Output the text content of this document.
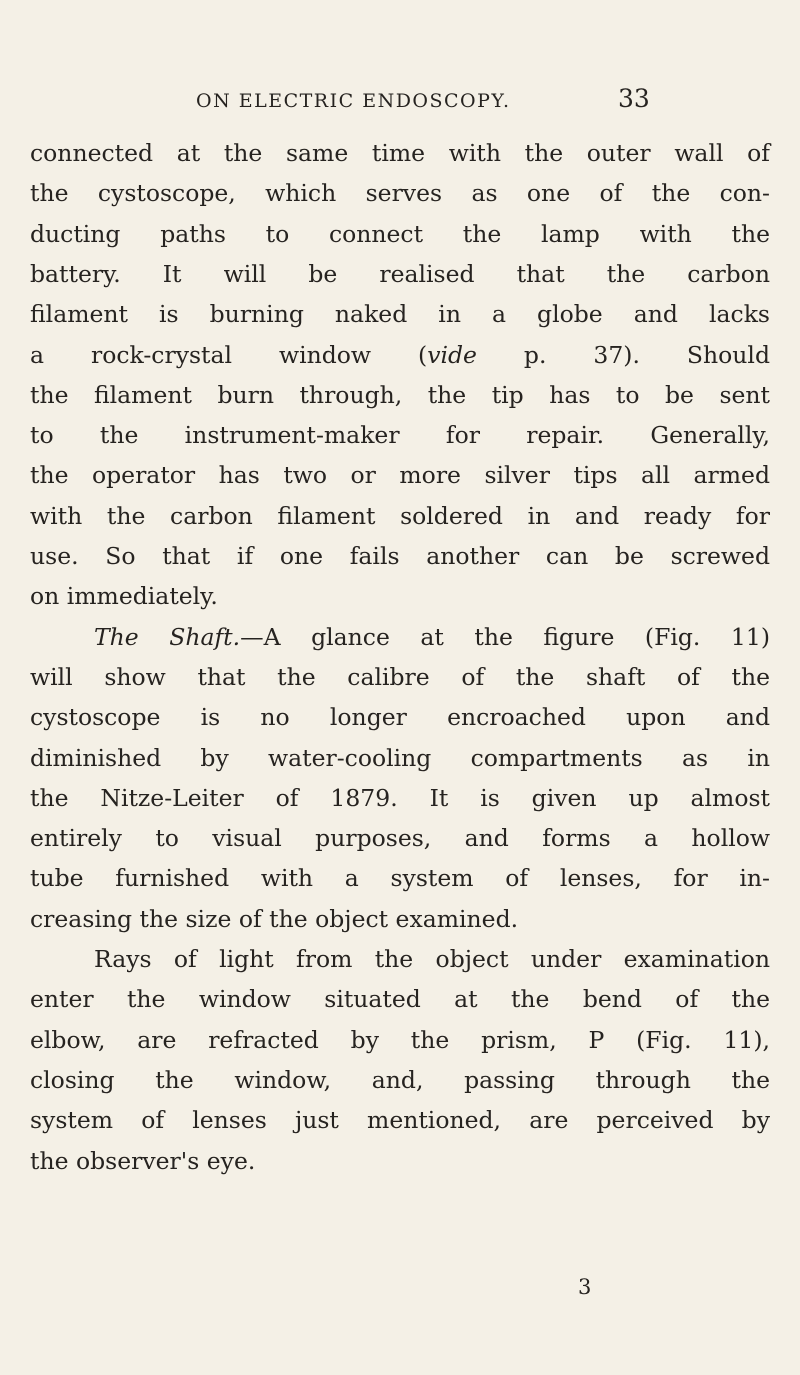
ON ELECTRIC ENDOSCOPY.	33
connected at the same time with the outer wall of
the cystoscope, which serves as one of the con-
ducting paths to connect the lamp with the
battery. It will be realised that the carbon
filament is burning naked in a globe and lacks
a rock-crystal window (vide p. 37). Should
the filament burn through, the tip has to be sent
to the instrument-maker for repair. Generally,
the operator has two or more silver tips all armed
with the carbon filament soldered in and ready for
use. So that if one fails another can be screwed
on immediately.
The Shaft.—A glance at the figure (Fig. 11)
will show that the calibre of the shaft of the
cystoscope is no longer encroached upon and
diminished by water-cooling compartments as in
the Nitze-Leiter of 1879. It is given up almost
entirely to visual purposes, and forms a hollow
tube furnished with a system of lenses, for in-
creasing the size of the object examined.
Rays of light from the object under examination
enter the window situated at the bend of the
elbow, are refracted by the prism, P (Fig. 11),
closing the window, and, passing through the
system of lenses just mentioned, are perceived by
the observer's eye.
3
